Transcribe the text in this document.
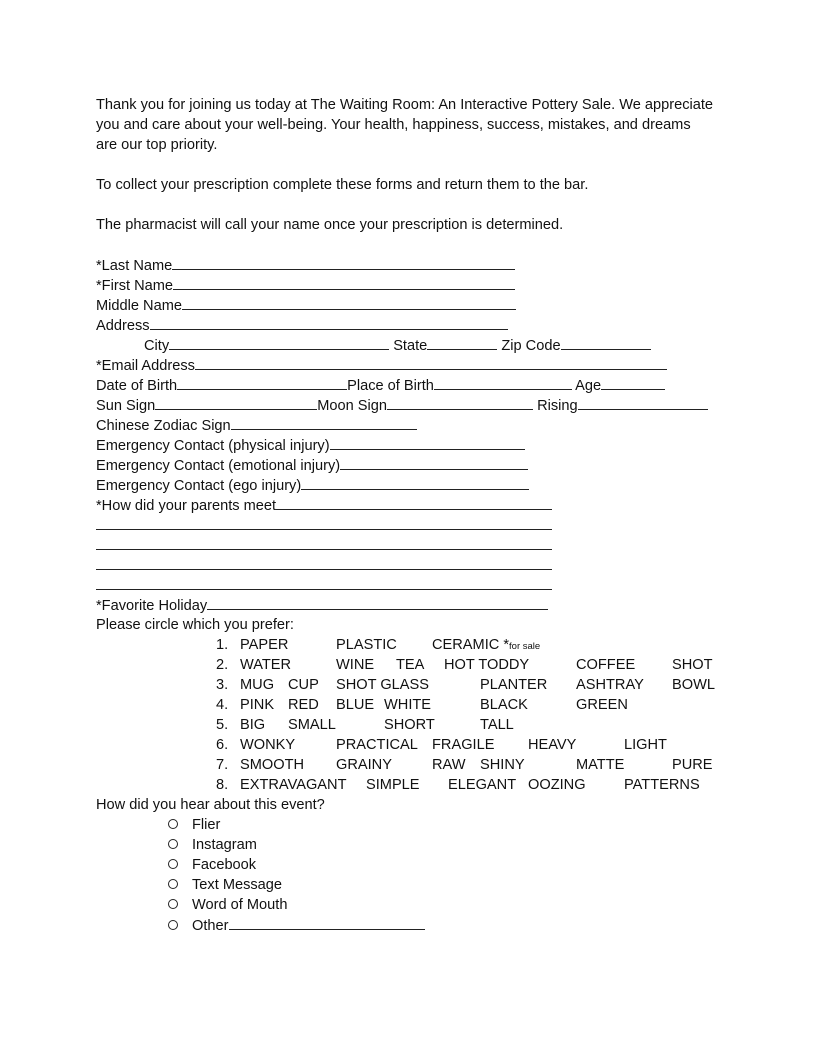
Thank you for joining us today at The Waiting Room: An Interactive Pottery Sale. We appreciate
you and care about your well-being. Your health, happiness, success, mistakes, and dreams
are our top priority.
To collect your prescription complete these forms and return them to the bar.
The pharmacist will call your name once your prescription is determined.
*Last Name
*First Name
Middle Name
Address
City	State	Zip Code
*Email Address
Date of Birth	Place of Birth	Age
Sun Sign	Moon Sign	Rising
Chinese Zodiac Sign
Emergency Contact (physical injury)
Emergency Contact (emotional injury)
Emergency Contact (ego injury)
*How did your parents meet
*Favorite Holiday
Please circle which you prefer:
1. PAPER	PLASTIC CERAMIC *for sale
2. WATER	WINE TEA HOT TODDY	COFFEE	SHOT
3. MUG CUP SHOT GLASS	PLANTER ASHTRAY BOWL
4. PINK RED BLUE WHITE	BLACK	GREEN
5. BIG SMALL	SHORT	TALL
6. WONKY	PRACTICAL FRAGILE HEAVY	LIGHT
7. SMOOTH GRAINY	RAW SHINY	MATTE	PURE
8. EXTRAVAGANT SIMPLE ELEGANT OOZING	PATTERNS
How did you hear about this event?
Flier
Instagram
Facebook
Text Message
Word of Mouth
Other
